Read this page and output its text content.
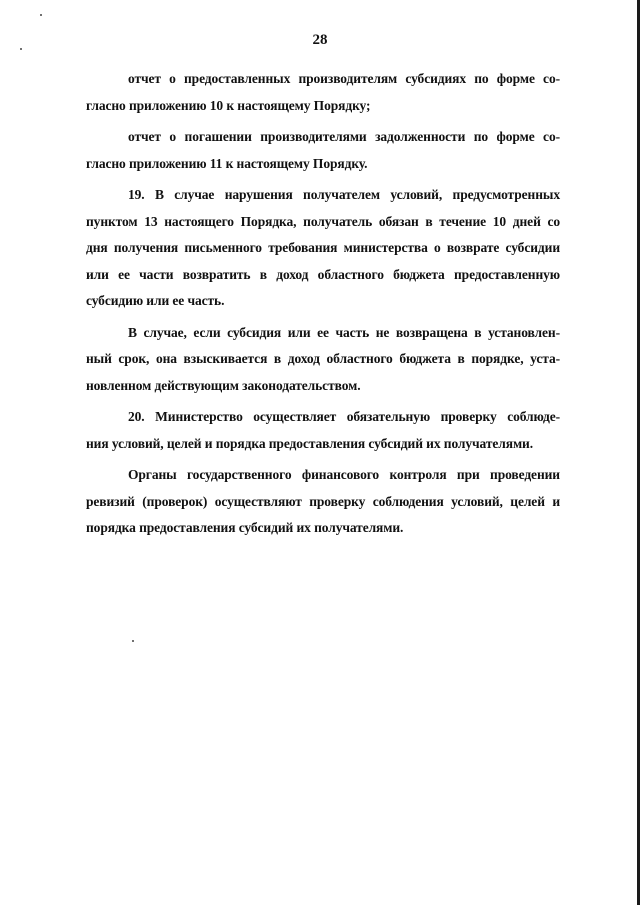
28

отчет о предоставленных производителям субсидиях по форме со-
гласно приложению 10 к настоящему Порядку;

отчет о погашении производителями задолженности по форме со-
гласно приложению 11 к настоящему Порядку.

19. В случае нарушения получателем условий, предусмотренных
пунктом 13 настоящего Порядка, получатель обязан в течение 10 дней со
дня получения письменного требования министерства о возврате субсидии
или ее части возвратить в доход областного бюджета предоставленную
субсидию или ее часть.

В случае, если субсидия или ее часть не возвращена в установлен-
ный срок, она взыскивается в доход областного бюджета в порядке, уста-
новленном действующим законодательством.

20. Министерство осуществляет обязательную проверку соблюде-
ния условий, целей и порядка предоставления субсидий их получателями.

Органы государственного финансового контроля при проведении
ревизий (проверок) осуществляют проверку соблюдения условий, целей и
порядка предоставления субсидий их получателями.
